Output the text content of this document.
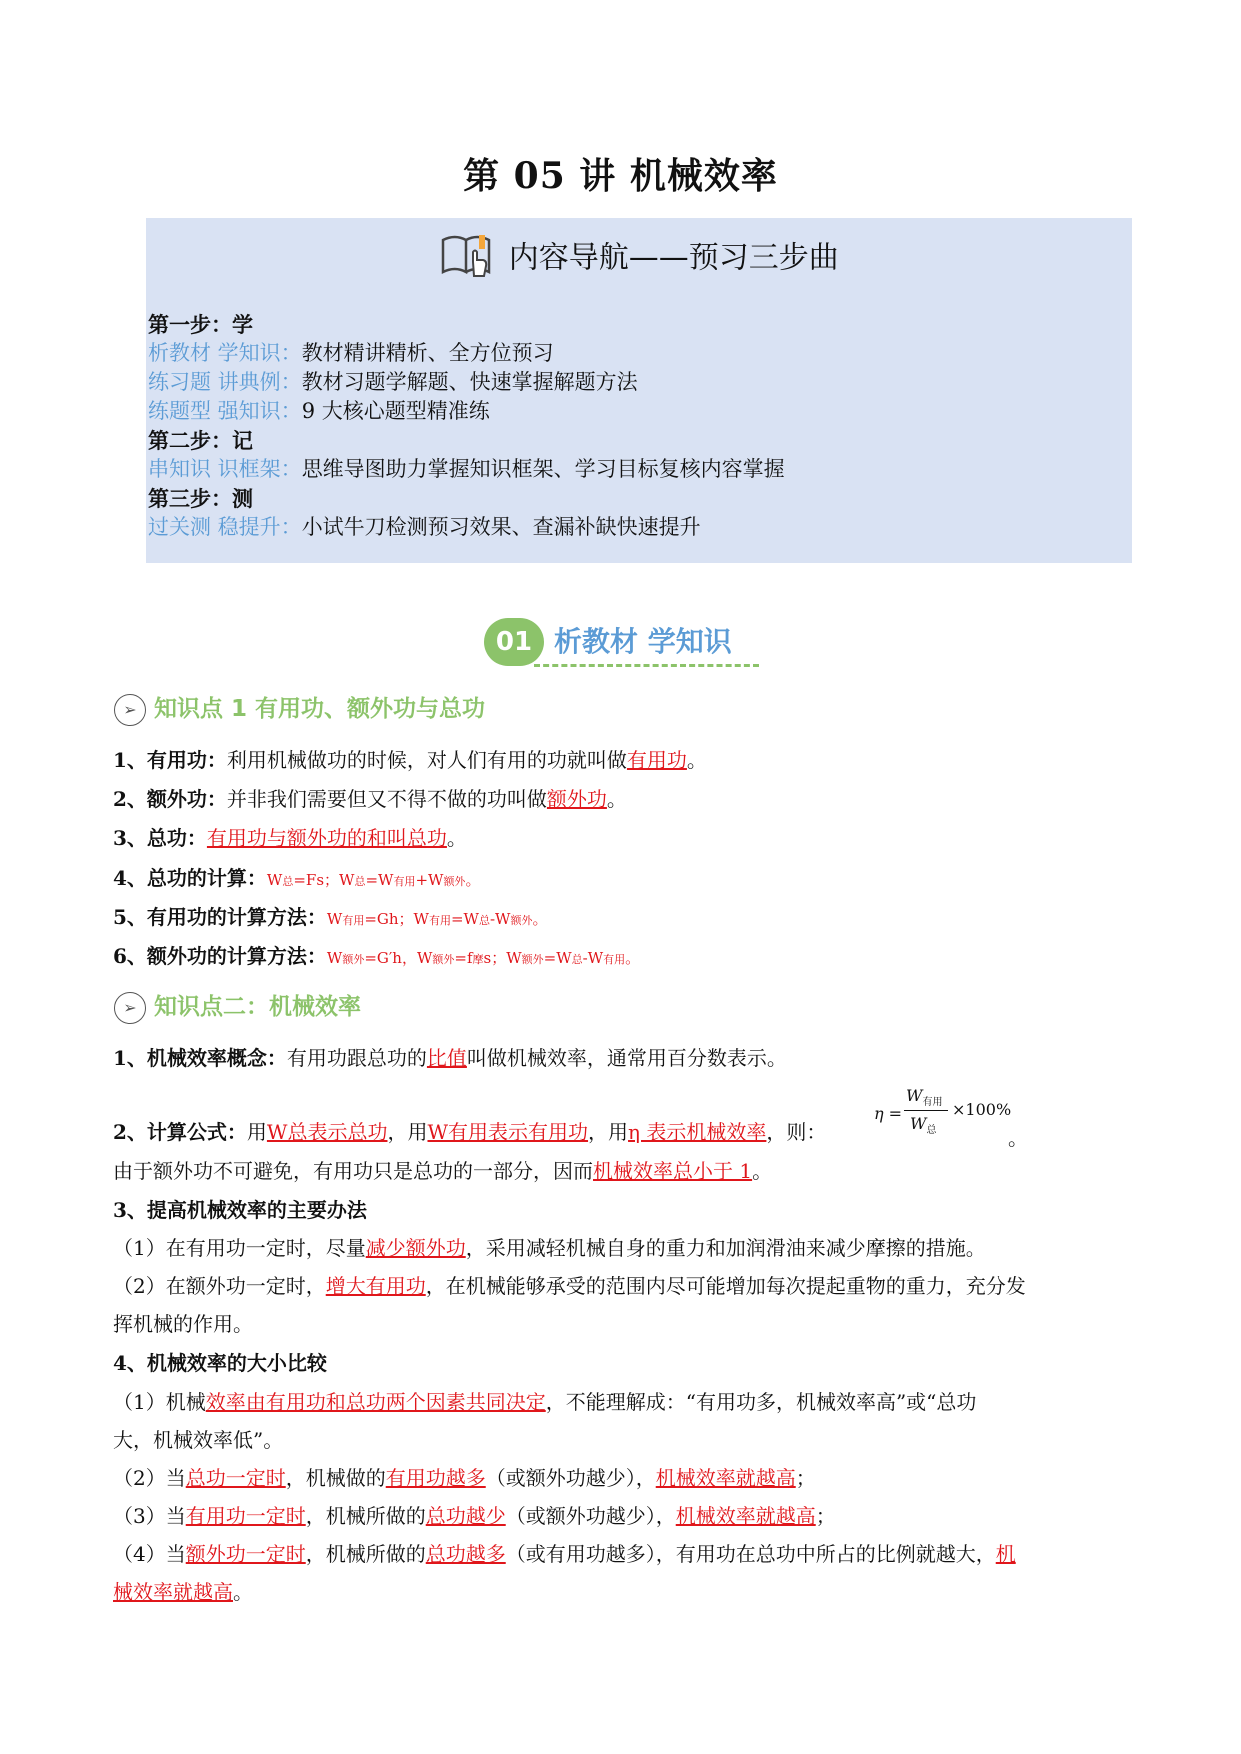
第 05 讲 机械效率
内容导航——预习三步曲
第一步：学
析教材 学知识：教材精讲精析、全方位预习
练习题 讲典例：教材习题学解题、快速掌握解题方法
练题型 强知识：9 大核心题型精准练
第二步：记
串知识 识框架：思维导图助力掌握知识框架、学习目标复核内容掌握
第三步：测
过关测 稳提升：小试牛刀检测预习效果、查漏补缺快速提升
01 析教材 学知识
➢ 知识点 1 有用功、额外功与总功
1、有用功：利用机械做功的时候，对人们有用的功就叫做有用功。
2、额外功：并非我们需要但又不得不做的功叫做额外功。
3、总功：有用功与额外功的和叫总功。
4、总功的计算：W总=Fs；W总=W有用+W额外。
5、有用功的计算方法：W有用=Gh；W有用=W总-W额外。
6、额外功的计算方法：W额外=G′h，W额外=f摩s；W额外=W总-W有用。
➢ 知识点二：机械效率
1、机械效率概念：有用功跟总功的比值叫做机械效率，通常用百分数表示。
2、计算公式：用W总表示总功，用W有用表示有用功，用η 表示机械效率，则：	。
η =
$W_{有用}$
$W_总$
×100%
由于额外功不可避免，有用功只是总功的一部分，因而机械效率总小于 1。
3、提高机械效率的主要办法
（1）在有用功一定时，尽量减少额外功，采用减轻机械自身的重力和加润滑油来减少摩擦的措施。
（2）在额外功一定时，增大有用功，在机械能够承受的范围内尽可能增加每次提起重物的重力，充分发
挥机械的作用。
4、机械效率的大小比较
（1）机械效率由有用功和总功两个因素共同决定，不能理解成：“有用功多，机械效率高”或“总功
大，机械效率低”。
（2）当总功一定时，机械做的有用功越多（或额外功越少），机械效率就越高；
（3）当有用功一定时，机械所做的总功越少（或额外功越少），机械效率就越高；
（4）当额外功一定时，机械所做的总功越多（或有用功越多），有用功在总功中所占的比例就越大，机
械效率就越高。
